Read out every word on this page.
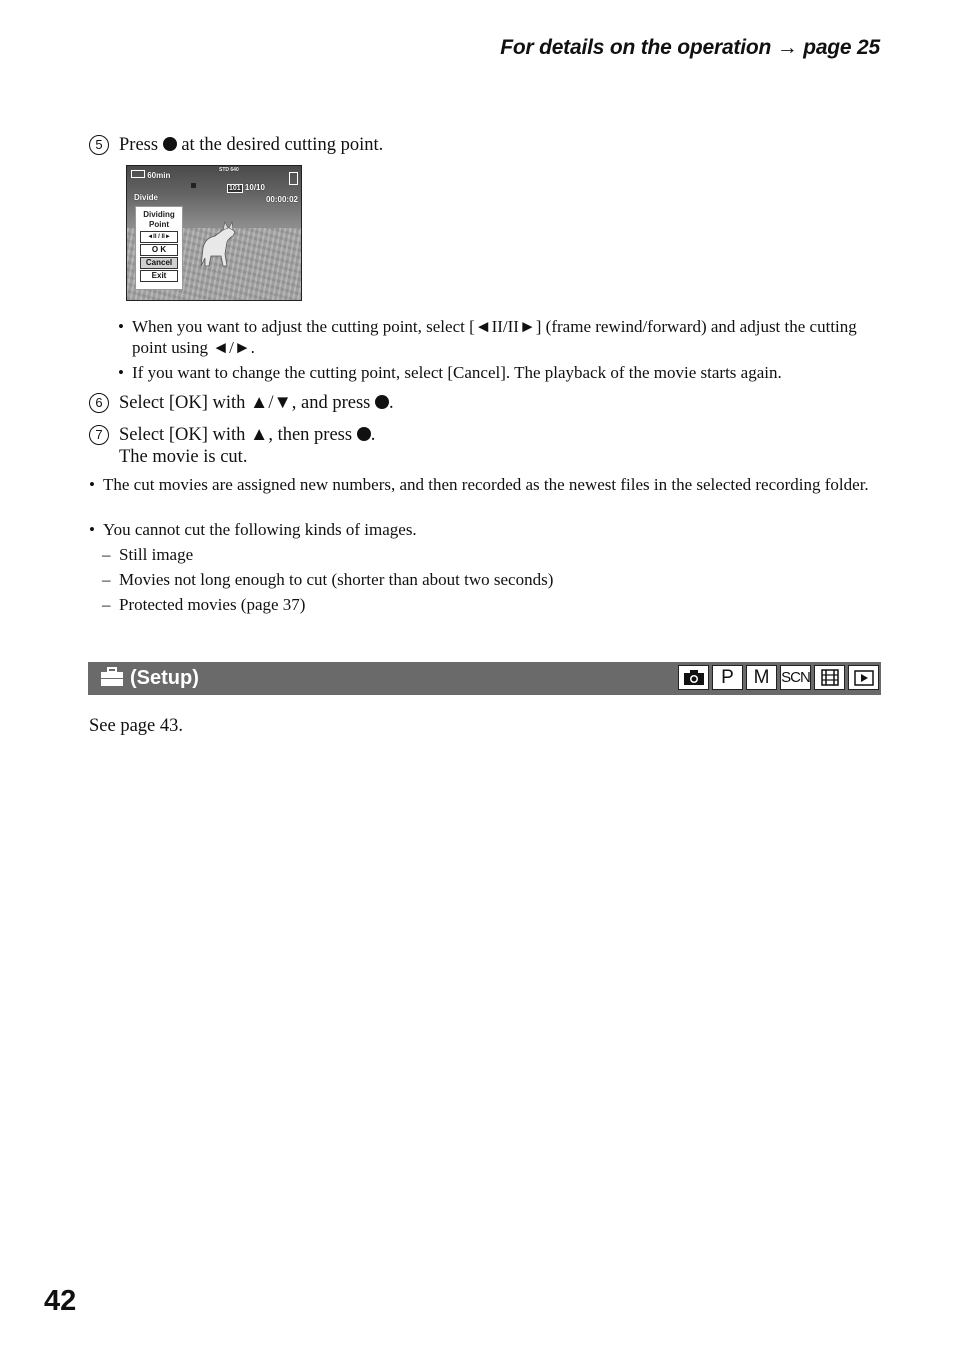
For details on the operation → page 25
5 Press  at the desired cutting point.
60min
STD 640
101 10/10
00:00:02
Divide
Dividing Point
◄II / II►
O K
Cancel
Exit
• When you want to adjust the cutting point, select [◄II/II►] (frame rewind/forward) and adjust the cutting point using ◄/►.
• If you want to change the cutting point, select [Cancel]. The playback of the movie starts again.
6 Select [OK] with ▲/▼, and press .
7 Select [OK] with ▲, then press .
The movie is cut.
• The cut movies are assigned new numbers, and then recorded as the newest files in the selected recording folder.
• You cannot cut the following kinds of images.
– Still image
– Movies not long enough to cut (shorter than about two seconds)
– Protected movies (page 37)
(Setup)	P	M SCN
See page 43.
42
